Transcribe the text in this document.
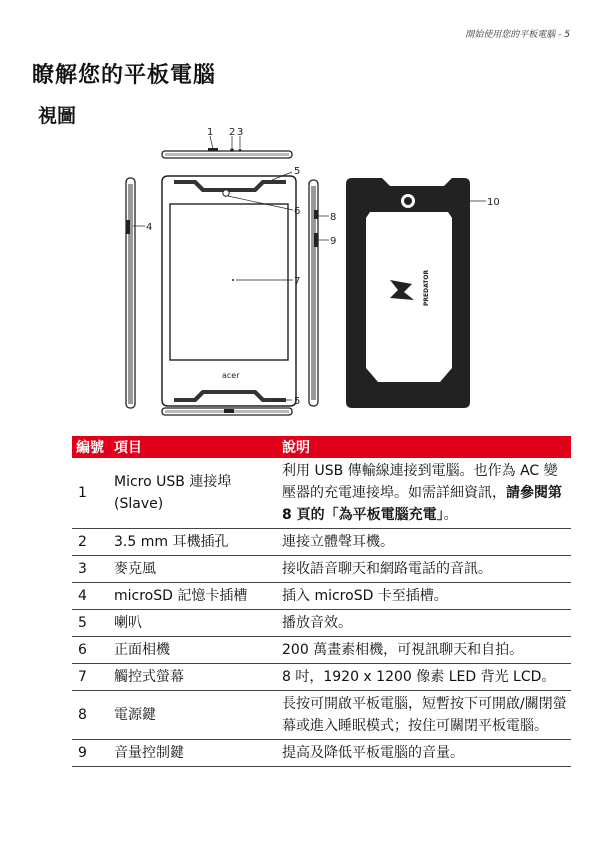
開始使用您的平板電腦 - 5
瞭解您的平板電腦
視圖
acer
PREDATOR
1 2 3
4
5
6
7
8
9
10
5
編號	項目	說明
1	Micro USB 連接埠 (Slave)	利用 USB 傳輸線連接到電腦。也作為 AC 變壓器的充電連接埠。如需詳細資訊，請參閱第 8 頁的「為平板電腦充電」。
2	3.5 mm 耳機插孔	連接立體聲耳機。
3	麥克風	接收語音聊天和網路電話的音訊。
4	microSD 記憶卡插槽	插入 microSD 卡至插槽。
5	喇叭	播放音效。
6	正面相機	200 萬畫素相機，可視訊聊天和自拍。
7	觸控式螢幕	8 吋，1920 x 1200 像素 LED 背光 LCD。
8	電源鍵	長按可開啟平板電腦，短暫按下可開啟/關閉螢幕或進入睡眠模式；按住可關閉平板電腦。
9	音量控制鍵	提高及降低平板電腦的音量。
